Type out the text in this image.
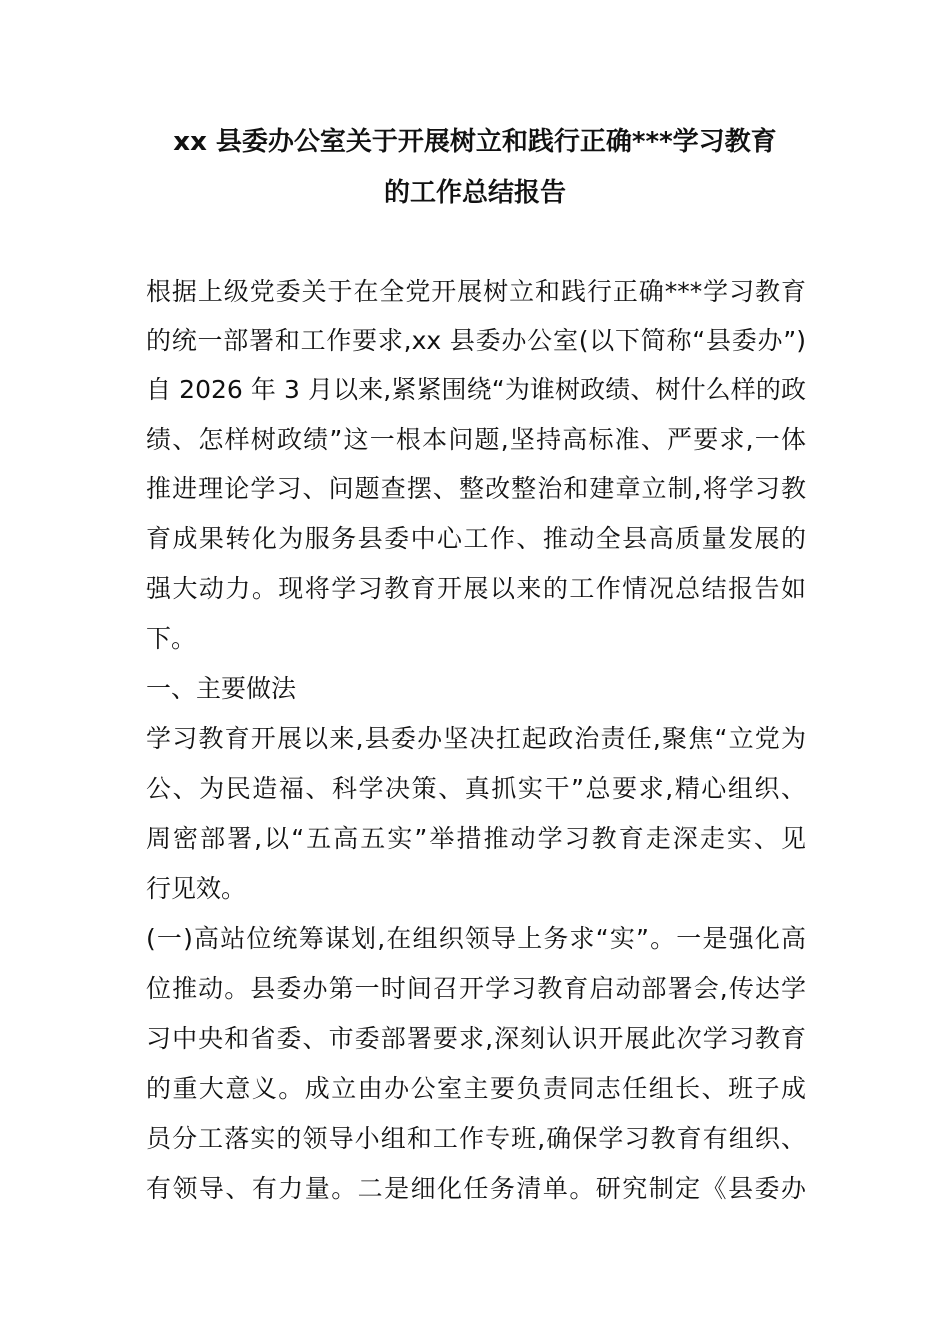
xx 县委办公室关于开展树立和践行正确***学习教育
的工作总结报告
根据上级党委关于在全党开展树立和践行正确***学习教育
的统一部署和工作要求,xx 县委办公室(以下简称“县委办”)
自 2026 年 3 月以来,紧紧围绕“为谁树政绩、树什么样的政
绩、怎样树政绩”这一根本问题,坚持高标准、严要求,一体
推进理论学习、问题查摆、整改整治和建章立制,将学习教
育成果转化为服务县委中心工作、推动全县高质量发展的
强大动力。现将学习教育开展以来的工作情况总结报告如
下。
一、主要做法
学习教育开展以来,县委办坚决扛起政治责任,聚焦“立党为
公、为民造福、科学决策、真抓实干”总要求,精心组织、
周密部署,以“五高五实”举措推动学习教育走深走实、见
行见效。
(一)高站位统筹谋划,在组织领导上务求“实”。一是强化高
位推动。县委办第一时间召开学习教育启动部署会,传达学
习中央和省委、市委部署要求,深刻认识开展此次学习教育
的重大意义。成立由办公室主要负责同志任组长、班子成
员分工落实的领导小组和工作专班,确保学习教育有组织、
有领导、有力量。二是细化任务清单。研究制定《县委办
